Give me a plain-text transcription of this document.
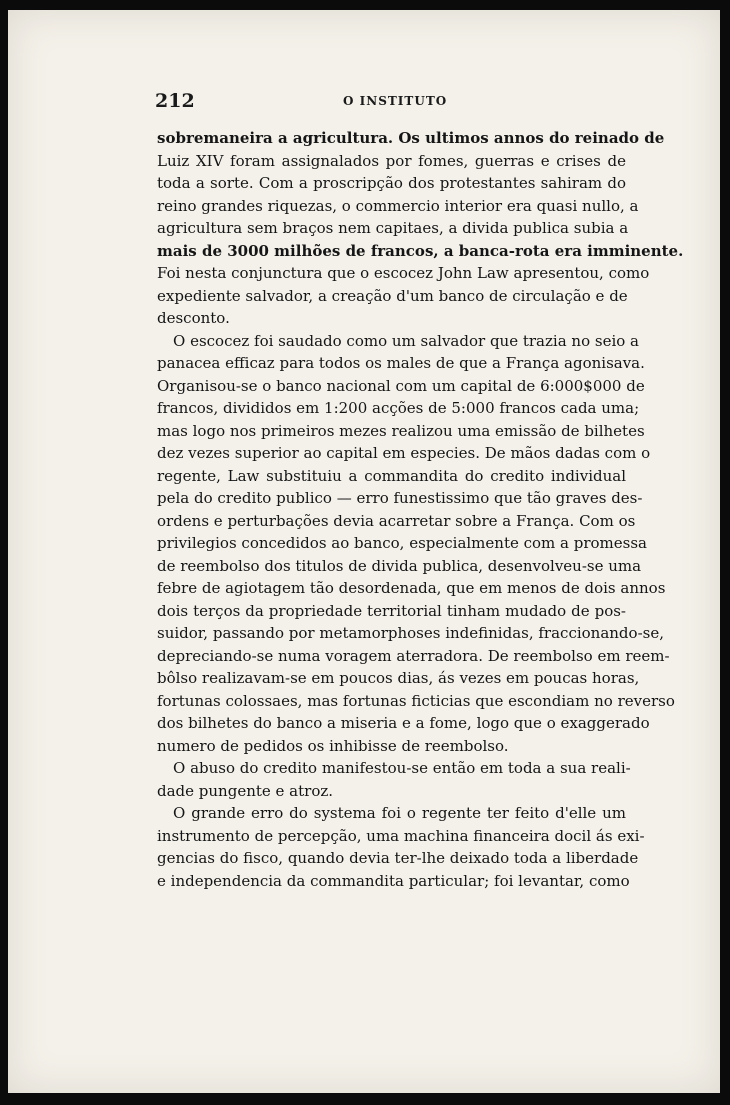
212	O INSTITUTO
sobremaneira a agricultura. Os ultimos annos do reinado de
Luiz XIV foram assignalados por fomes, guerras e crises de
toda a sorte. Com a proscripção dos protestantes sahiram do
reino grandes riquezas, o commercio interior era quasi nullo, a
agricultura sem braços nem capitaes, a divida publica subia a
mais de 3000 milhões de francos, a banca-rota era imminente.
Foi nesta conjunctura que o escocez John Law apresentou, como
expediente salvador, a creação d'um banco de circulação e de
desconto.
O escocez foi saudado como um salvador que trazia no seio a
panacea efficaz para todos os males de que a França agonisava.
Organisou-se o banco nacional com um capital de 6:000$000 de
francos, divididos em 1:200 acções de 5:000 francos cada uma;
mas logo nos primeiros mezes realizou uma emissão de bilhetes
dez vezes superior ao capital em especies. De mãos dadas com o
regente, Law substituiu a commandita do credito individual
pela do credito publico — erro funestissimo que tão graves des-
ordens e perturbações devia acarretar sobre a França. Com os
privilegios concedidos ao banco, especialmente com a promessa
de reembolso dos titulos de divida publica, desenvolveu-se uma
febre de agiotagem tão desordenada, que em menos de dois annos
dois terços da propriedade territorial tinham mudado de pos-
suidor, passando por metamorphoses indefinidas, fraccionando-se,
depreciando-se numa voragem aterradora. De reembolso em reem-
bôlso realizavam-se em poucos dias, ás vezes em poucas horas,
fortunas colossaes, mas fortunas ficticias que escondiam no reverso
dos bilhetes do banco a miseria e a fome, logo que o exaggerado
numero de pedidos os inhibisse de reembolso.
O abuso do credito manifestou-se então em toda a sua reali-
dade pungente e atroz.
O grande erro do systema foi o regente ter feito d'elle um
instrumento de percepção, uma machina financeira docil ás exi-
gencias do fisco, quando devia ter-lhe deixado toda a liberdade
e independencia da commandita particular; foi levantar, como
